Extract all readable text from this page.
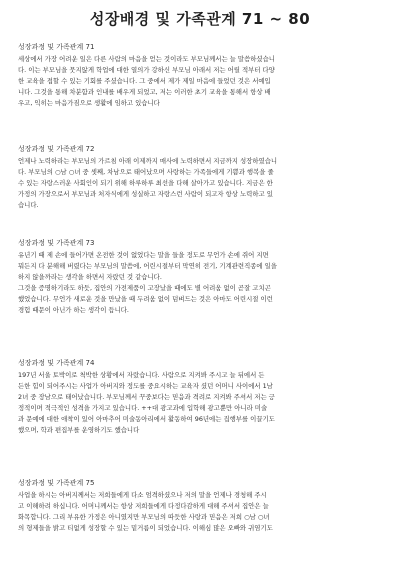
성장배경 및 가족관계 71 ~ 80
성장과정 및 가족관계 71
세상에서 가장 어려운 일은 다른 사람의 마음을 얻는 것이라도 부모님께서는 늘 말씀하셨습니
다. 이는 부모님을 뭇지않게 학업에 대한 열의가 강하신 부모님 아래서 저는 어릴 적부터 다양
한 교육을 접할 수 있는 기회를 주셨습니다. 그 중에서 제가 제일 마음에 들었던 것은 서예입
니다. 그것을 통해 차분함과 인내를 배우게 되었고, 저는 이러한 초기 교육을 통해서 항상 배
우고, 익히는 마음가짐으로 생활에 임하고 있습니다
성장과정 및 가족관계 72
언제나 노력하라는 부모님의 가르침 아래 이제까지 매사에 노력하면서 지금까지 성장하였습니
다. 부모님의 ○남 ○녀 중 셋째, 차남으로 태어났으며 사랑하는 가족들에게 기쁨과 행복을 줄
수 있는 자랑스러운 사회인이 되기 위해 하루하루 최선을 다해 살아가고 있습니다. 지금은 한
가정의 가장으로서 부모님과 처자식에게 성실하고 자랑스런 사람이 되고자 항상 노력하고 있
습니다.
성장과정 및 가족관계 73
유년기 때 제 손에 들어가면 온전한 것이 없었다는 말을 들을 정도로 무언가 손에 쥐어 지면
뭐든지 다 분해해 버렸다는 부모님의 말씀에, 어린시절부터 막연히 전기, 기계관련직종에 일을
하지 않을까라는 생각을 하면서 자랐던 것 같습니다.
그것을 증명하기라도 하듯, 집안의 가전제품이 고장났을 때에도 별 어려움 없이 곧잘 고치곤
했었습니다. 무언가 새로운 것을 만났을 때 두려움 없이 덤벼드는 것은 아마도 어린시절 이런
경험 때문이 아닌가 하는 생각이 듭니다.
성장과정 및 가족관계 74
197년 서울 토박이로 척박한 상황에서 자랐습니다. 사람으로 지켜봐 주시고 늘 뒤에서 든
든한 힘이 되어주시는 사업가 아버지와 정도를 중요시하는 교육자 셨던 어머니 사이에서 1남
2녀 중 장남으로 태어났습니다. 부모님께서 꾸중보다는 믿음과 격려로 지켜봐 주셔서 저는 긍
정적이며 적극적인 성격을 가지고 있습니다. ++대 광고과에 입학해 광고뿐만 아니라 미술
과 문예에 대한 애착이 있어 아마추어 미술동아리에서 활동하여 96년에는 집행부를 이끌기도
했으며, 학과 편집부를 운영하기도 했습니다
성장과정 및 가족관계 75
사업을 하시는 아버지께서는 저희들에게 다소 엄격하셨으나 저의 말을 언제나 경청해 주시
고 이해하려 하십니다. 어머니께서는 항상 저희들에게 다정다감하게 대해 주셔서 집안은 늘
화목합니다. 그리 부유한 가정은 아니였지만 부모님의 따듯한 사랑과 믿음은 저희 ○남 ○녀
의 형제들을 밝고 티없게 성장할 수 있는 밑거름이 되었습니다. 이해심 많은 오빠와 귀염기도
